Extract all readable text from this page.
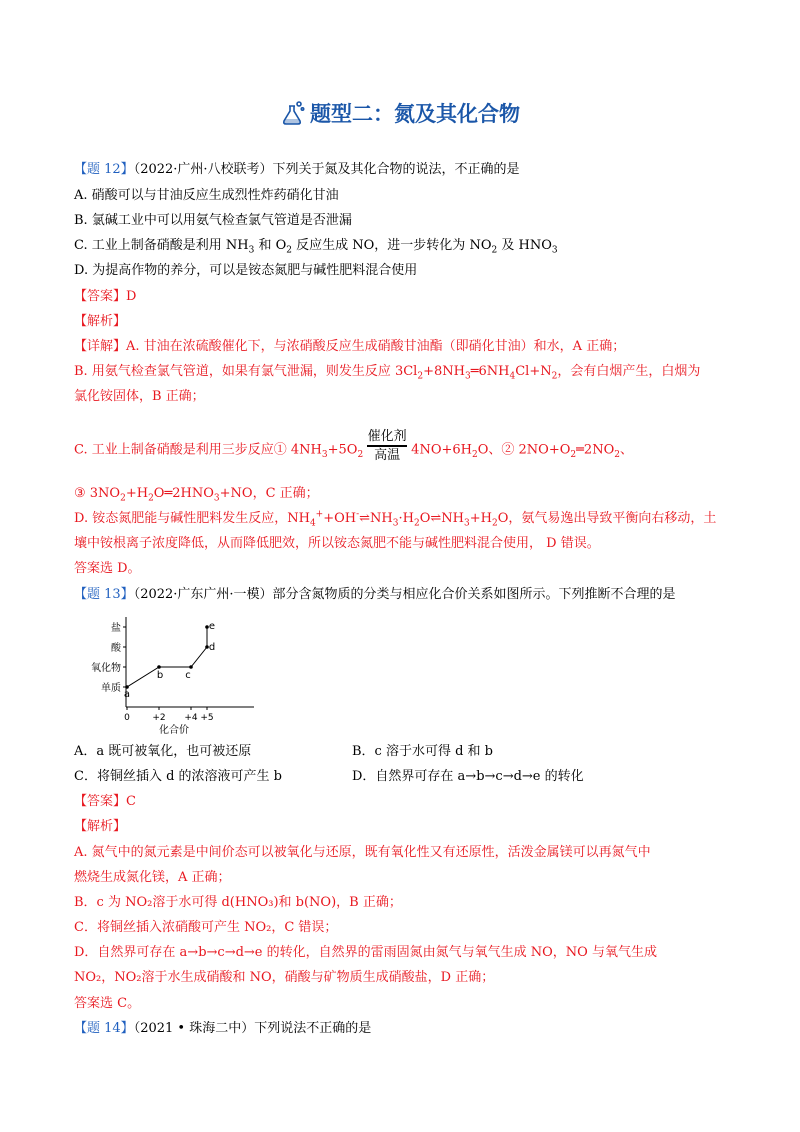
题型二：氮及其化合物
【题 12】（2022·广州·八校联考）下列关于氮及其化合物的说法，不正确的是
A. 硝酸可以与甘油反应生成烈性炸药硝化甘油
B. 氯碱工业中可以用氨气检查氯气管道是否泄漏
C. 工业上制备硝酸是利用 $NH_3$ 和 $O_2$ 反应生成 NO，进一步转化为 $NO_2$ 及 $HNO_3$
D. 为提高作物的养分，可以是铵态氮肥与碱性肥料混合使用
【答案】D
【解析】
【详解】A. 甘油在浓硫酸催化下，与浓硝酸反应生成硝酸甘油酯（即硝化甘油）和水，A 正确；
B. 用氨气检查氯气管道，如果有氯气泄漏，则发生反应 $3Cl_2+8NH_3═6NH_4Cl+N_2$，会有白烟产生，白烟为
氯化铵固体，B 正确；
C. 工业上制备硝酸是利用三步反应① $4NH_3+5O_2$
催化剂
高温 $4NO+6H_2O$、② $2NO+O_2═2NO_2$、
③ $3NO_2+H_2O═2HNO_3+NO$，C 正确；
D. 铵态氮肥能与碱性肥料发生反应，$NH_4^++OH^-\rightleftharpoons NH_3\cdot H_2O\rightleftharpoons NH_3+H_2O$，氨气易逸出导致平衡向右移动，土
壤中铵根离子浓度降低，从而降低肥效，所以铵态氮肥不能与碱性肥料混合使用， D 错误。
答案选 D。
【题 13】（2022·广东广州·一模）部分含氮物质的分类与相应化合价关系如图所示。下列推断不合理的是
单质
氧化物
酸
盐
0 +2 +4 +5
化合价
a
b c
d
e
A．a 既可被氧化，也可被还原	B．c 溶于水可得 d 和 b
C．将铜丝插入 d 的浓溶液可产生 b	D．自然界可存在 a→b→c→d→e 的转化
【答案】C
【解析】
A. 氮气中的氮元素是中间价态可以被氧化与还原，既有氧化性又有还原性，活泼金属镁可以再氮气中
燃烧生成氮化镁，A 正确；
B．c 为 NO₂溶于水可得 d(HNO₃)和 b(NO)，B 正确；
C．将铜丝插入浓硝酸可产生 NO₂，C 错误；
D．自然界可存在 a→b→c→d→e 的转化，自然界的雷雨固氮由氮气与氧气生成 NO，NO 与氧气生成
NO₂，NO₂溶于水生成硝酸和 NO，硝酸与矿物质生成硝酸盐，D 正确；
答案选 C。
【题 14】（2021 • 珠海二中）下列说法不正确的是
